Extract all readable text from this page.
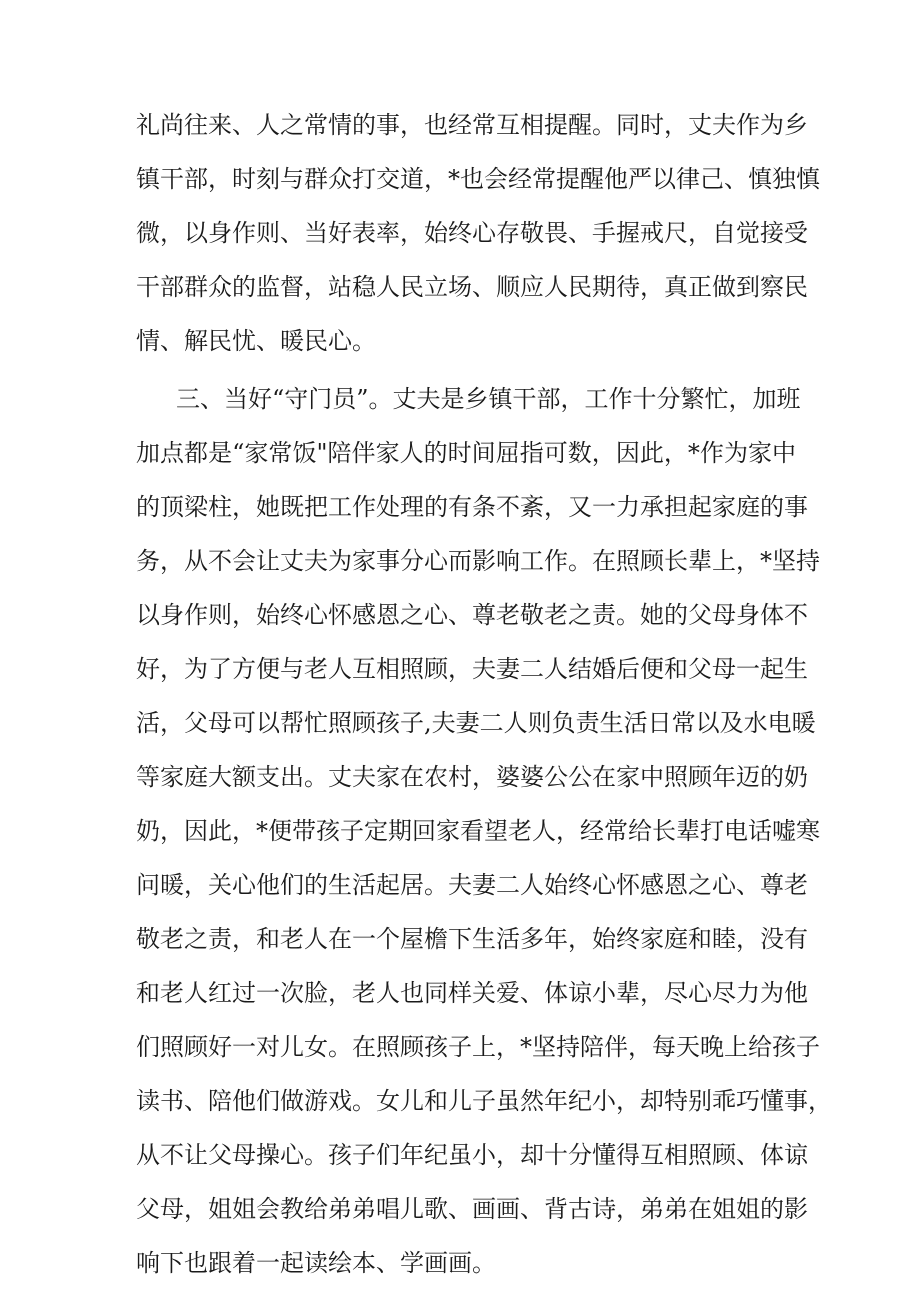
礼尚往来、人之常情的事，也经常互相提醒。同时，丈夫作为乡
镇干部，时刻与群众打交道，*也会经常提醒他严以律己、慎独慎
微，以身作则、当好表率，始终心存敬畏、手握戒尺，自觉接受
干部群众的监督，站稳人民立场、顺应人民期待，真正做到察民
情、解民忧、暖民心。
三、当好“守门员”。丈夫是乡镇干部，工作十分繁忙，加班
加点都是“家常饭"陪伴家人的时间屈指可数，因此，*作为家中
的顶梁柱，她既把工作处理的有条不紊，又一力承担起家庭的事
务，从不会让丈夫为家事分心而影响工作。在照顾长辈上，*坚持
以身作则，始终心怀感恩之心、尊老敬老之责。她的父母身体不
好，为了方便与老人互相照顾，夫妻二人结婚后便和父母一起生
活，父母可以帮忙照顾孩子,夫妻二人则负责生活日常以及水电暖
等家庭大额支出。丈夫家在农村，婆婆公公在家中照顾年迈的奶
奶，因此，*便带孩子定期回家看望老人，经常给长辈打电话嘘寒
问暖，关心他们的生活起居。夫妻二人始终心怀感恩之心、尊老
敬老之责，和老人在一个屋檐下生活多年，始终家庭和睦，没有
和老人红过一次脸，老人也同样关爱、体谅小辈，尽心尽力为他
们照顾好一对儿女。在照顾孩子上，*坚持陪伴，每天晚上给孩子
读书、陪他们做游戏。女儿和儿子虽然年纪小，却特别乖巧懂事，
从不让父母操心。孩子们年纪虽小，却十分懂得互相照顾、体谅
父母，姐姐会教给弟弟唱儿歌、画画、背古诗，弟弟在姐姐的影
响下也跟着一起读绘本、学画画。
